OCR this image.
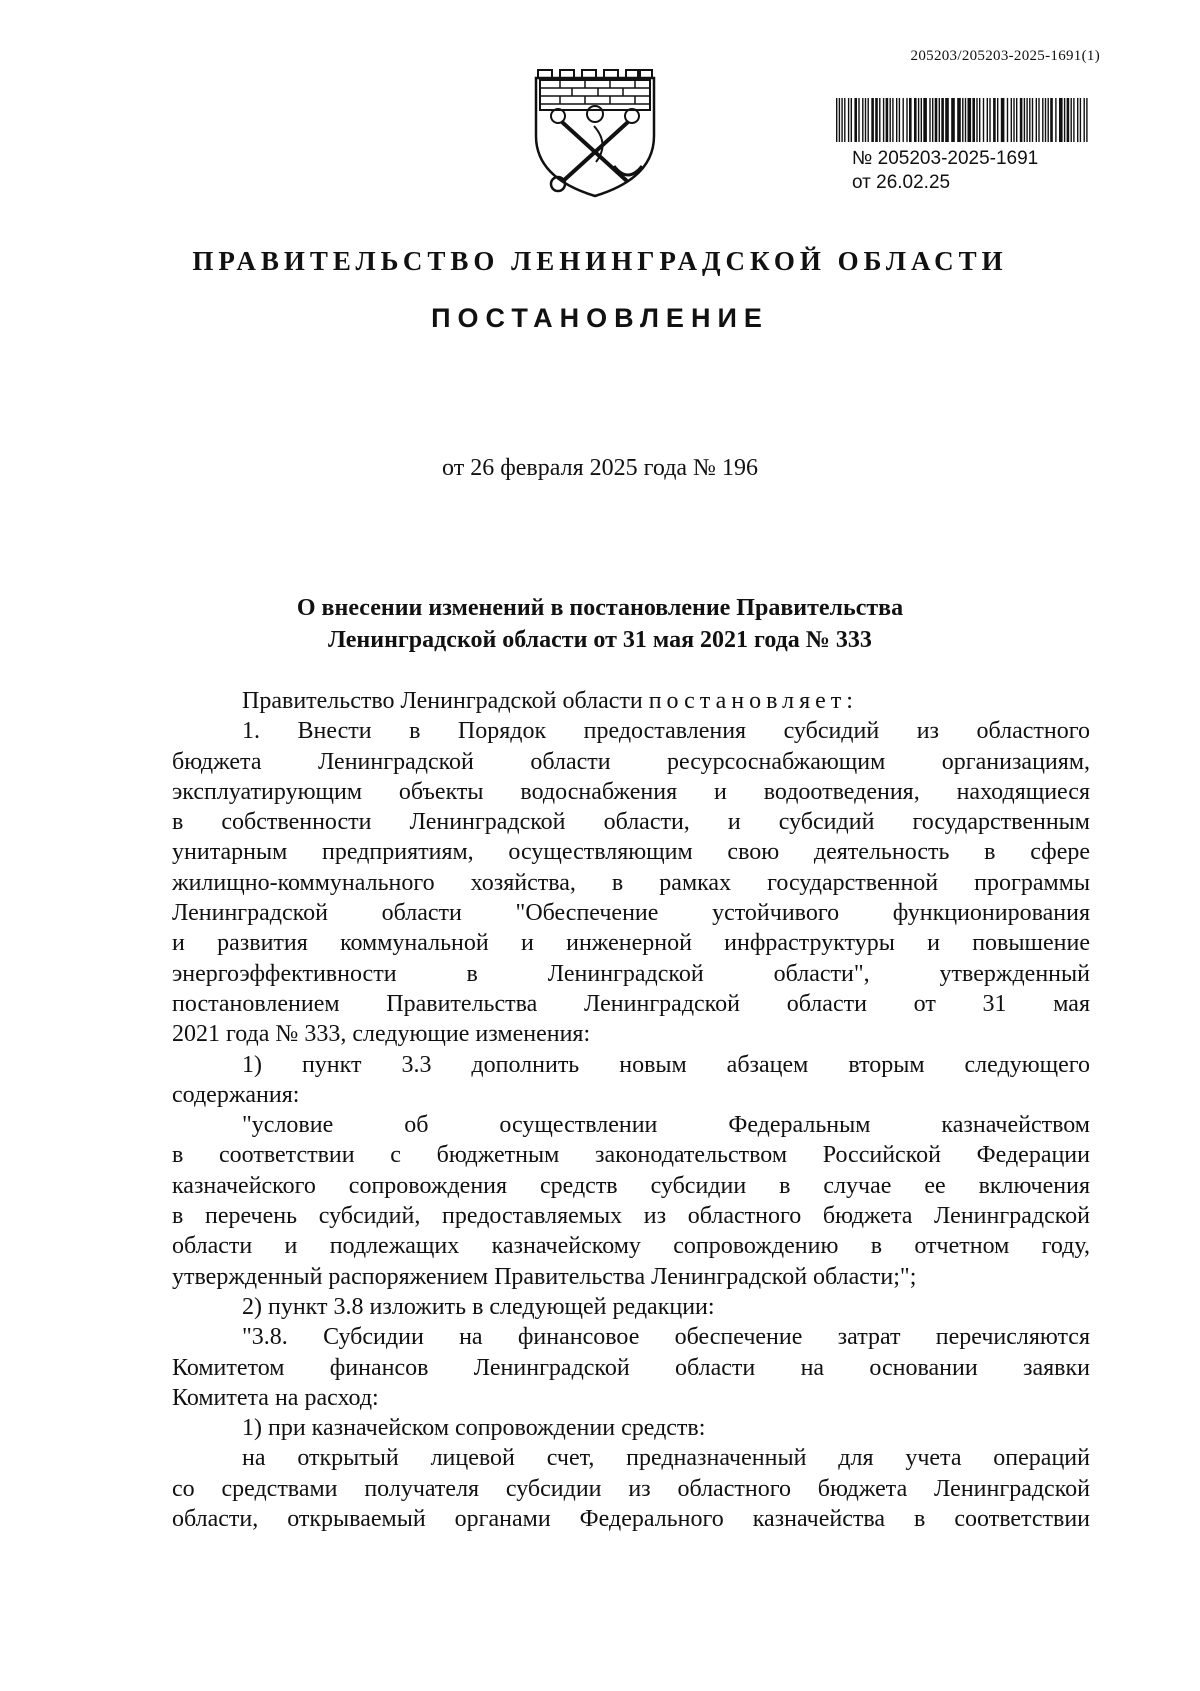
205203/205203-2025-1691(1)
№ 205203-2025-1691
от 26.02.25
ПРАВИТЕЛЬСТВО ЛЕНИНГРАДСКОЙ ОБЛАСТИ
ПОСТАНОВЛЕНИЕ
от 26 февраля 2025 года № 196
О внесении изменений в постановление Правительства
Ленинградской области от 31 мая 2021 года № 333

Правительство Ленинградской области постановляет:

1. Внести в Порядок предоставления субсидий из областного

бюджета Ленинградской области ресурсоснабжающим организациям,

эксплуатирующим объекты водоснабжения и водоотведения, находящиеся

в собственности Ленинградской области, и субсидий государственным

унитарным предприятиям, осуществляющим свою деятельность в сфере

жилищно-коммунального хозяйства, в рамках государственной программы

Ленинградской области "Обеспечение устойчивого функционирования

и развития коммунальной и инженерной инфраструктуры и повышение

энергоэффективности в Ленинградской области", утвержденный

постановлением Правительства Ленинградской области от 31 мая

2021 года № 333, следующие изменения:

1) пункт 3.3 дополнить новым абзацем вторым следующего

содержания:

"условие об осуществлении Федеральным казначейством

в соответствии с бюджетным законодательством Российской Федерации

казначейского сопровождения средств субсидии в случае ее включения

в перечень субсидий, предоставляемых из областного бюджета Ленинградской

области и подлежащих казначейскому сопровождению в отчетном году,

утвержденный распоряжением Правительства Ленинградской области;";

2) пункт 3.8 изложить в следующей редакции:

"3.8. Субсидии на финансовое обеспечение затрат перечисляются

Комитетом финансов Ленинградской области на основании заявки

Комитета на расход:

1) при казначейском сопровождении средств:

на открытый лицевой счет, предназначенный для учета операций

со средствами получателя субсидии из областного бюджета Ленинградской

области, открываемый органами Федерального казначейства в соответствии
